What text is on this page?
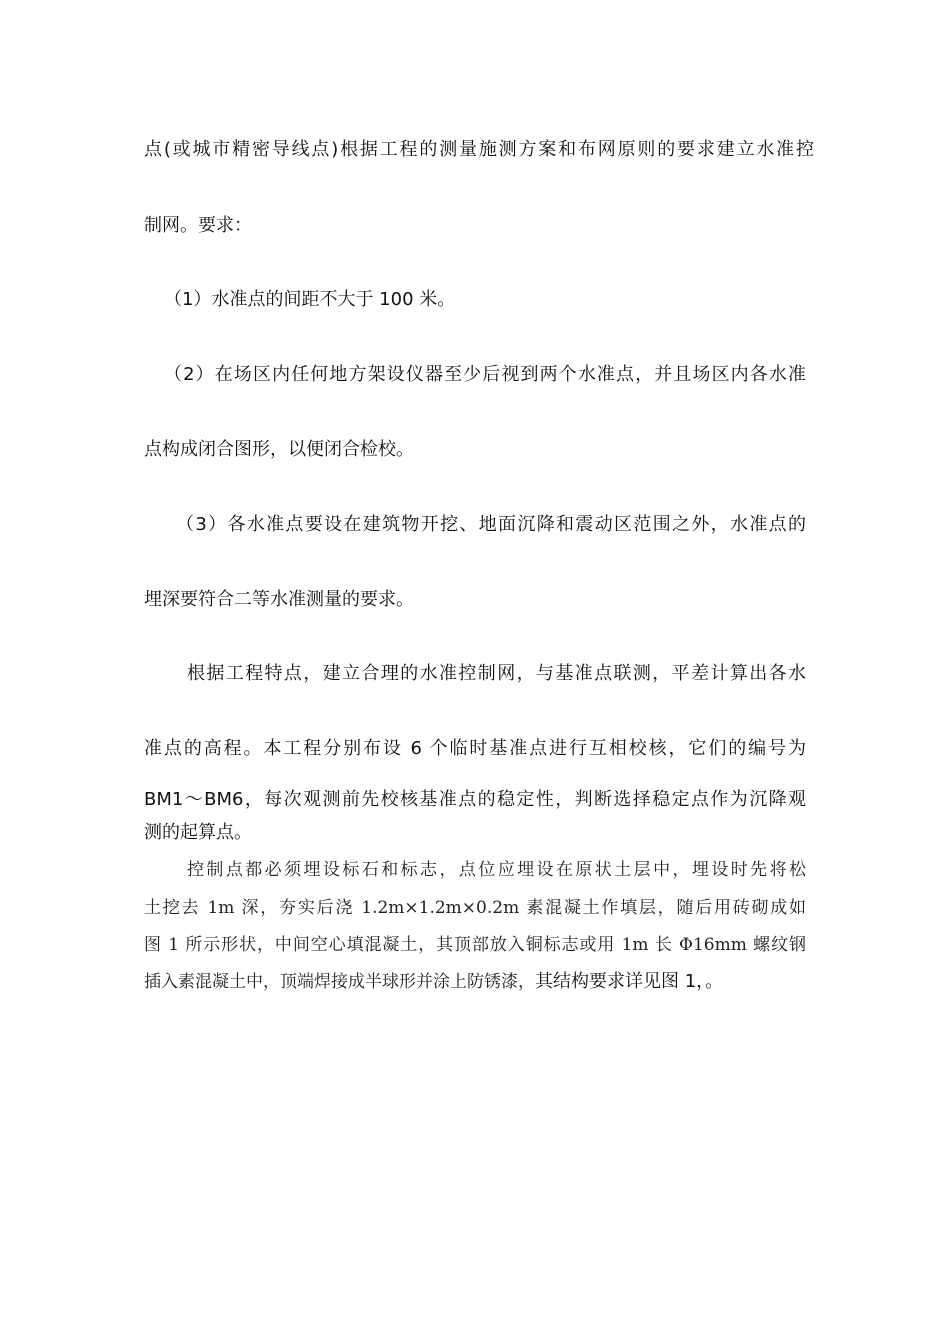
点(或城市精密导线点)根据工程的测量施测方案和布网原则的要求建立水准控
制网。要求：
（1）水准点的间距不大于 100 米。
（2）在场区内任何地方架设仪器至少后视到两个水准点，并且场区内各水准
点构成闭合图形，以便闭合检校。
（3）各水准点要设在建筑物开挖、地面沉降和震动区范围之外，水准点的
埋深要符合二等水准测量的要求。
根据工程特点，建立合理的水准控制网，与基准点联测，平差计算出各水
准点的高程。本工程分别布设 6 个临时基准点进行互相校核，它们的编号为
BM1～BM6，每次观测前先校核基准点的稳定性，判断选择稳定点作为沉降观
测的起算点。
控制点都必须埋设标石和标志，点位应埋设在原状土层中，埋设时先将松
土挖去 1m 深，夯实后浇 1.2m×1.2m×0.2m 素混凝土作填层，随后用砖砌成如
图 1 所示形状，中间空心填混凝土，其顶部放入铜标志或用 1m 长 Φ16mm 螺纹钢
插入素混凝土中，顶端焊接成半球形并涂上防锈漆，其结构要求详见图 1，。
